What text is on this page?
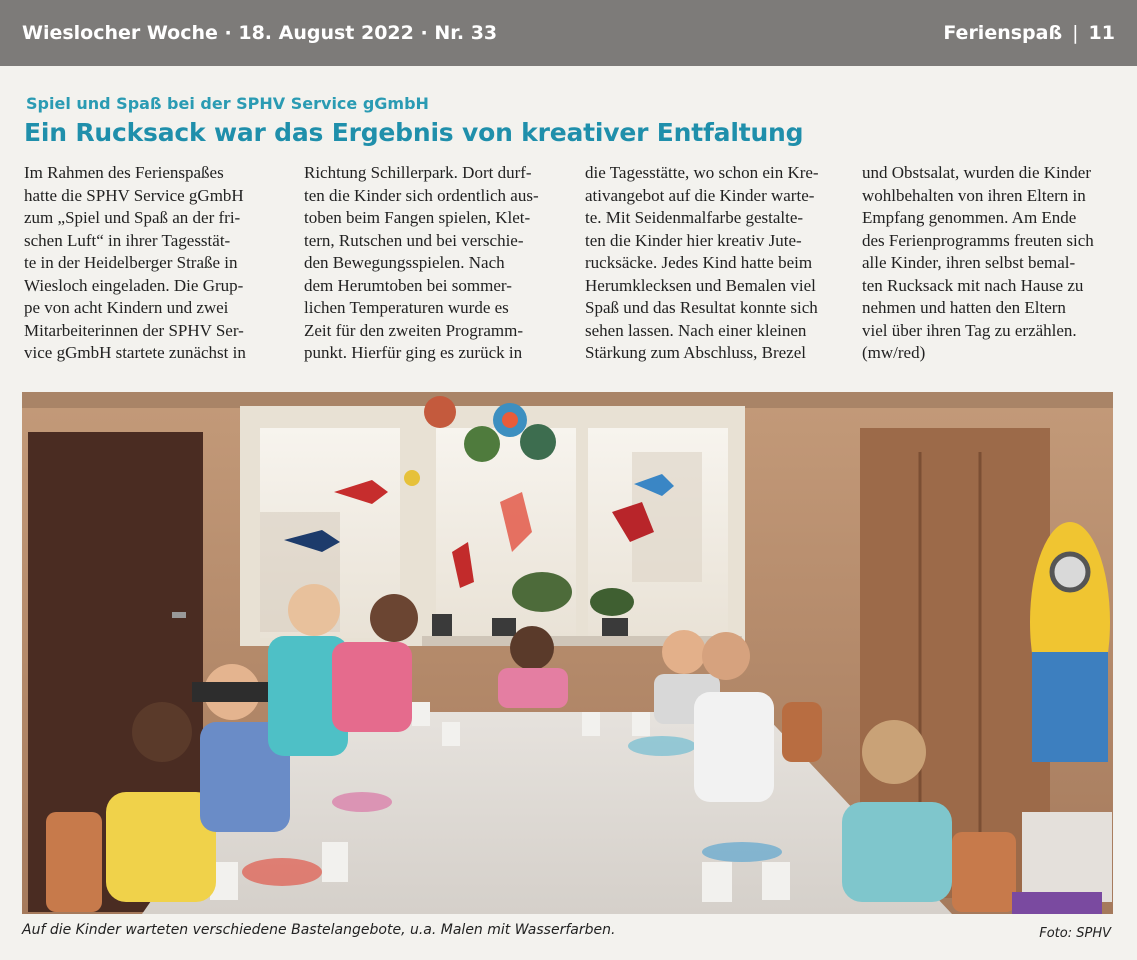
Wieslocher Woche · 18. August 2022 · Nr. 33	Ferienspaß | 11
Spiel und Spaß bei der SPHV Service gGmbH
Ein Rucksack war das Ergebnis von kreativer Entfaltung
Im Rahmen des Ferienspaßes
hatte die SPHV Service gGmbH
zum „Spiel und Spaß an der fri-
schen Luft“ in ihrer Tagesstät-
te in der Heidelberger Straße in
Wiesloch eingeladen. Die Grup-
pe von acht Kindern und zwei
Mitarbeiterinnen der SPHV Ser-
vice gGmbH startete zunächst in
Richtung Schillerpark. Dort durf-
ten die Kinder sich ordentlich aus-
toben beim Fangen spielen, Klet-
tern, Rutschen und bei verschie-
den Bewegungsspielen. Nach
dem Herumtoben bei sommer-
lichen Temperaturen wurde es
Zeit für den zweiten Programm-
punkt. Hierfür ging es zurück in
die Tagesstätte, wo schon ein Kre-
ativangebot auf die Kinder warte-
te. Mit Seidenmalfarbe gestalte-
ten die Kinder hier kreativ Jute-
rucksäcke. Jedes Kind hatte beim
Herumklecksen und Bemalen viel
Spaß und das Resultat konnte sich
sehen lassen. Nach einer kleinen
Stärkung zum Abschluss, Brezel
und Obstsalat, wurden die Kinder
wohlbehalten von ihren Eltern in
Empfang genommen. Am Ende
des Ferienprogramms freuten sich
alle Kinder, ihren selbst bemal-
ten Rucksack mit nach Hause zu
nehmen und hatten den Eltern
viel über ihren Tag zu erzählen.
(mw/red)
Auf die Kinder warteten verschiedene Bastelangebote, u.a. Malen mit Wasserfarben.	Foto: SPHV
